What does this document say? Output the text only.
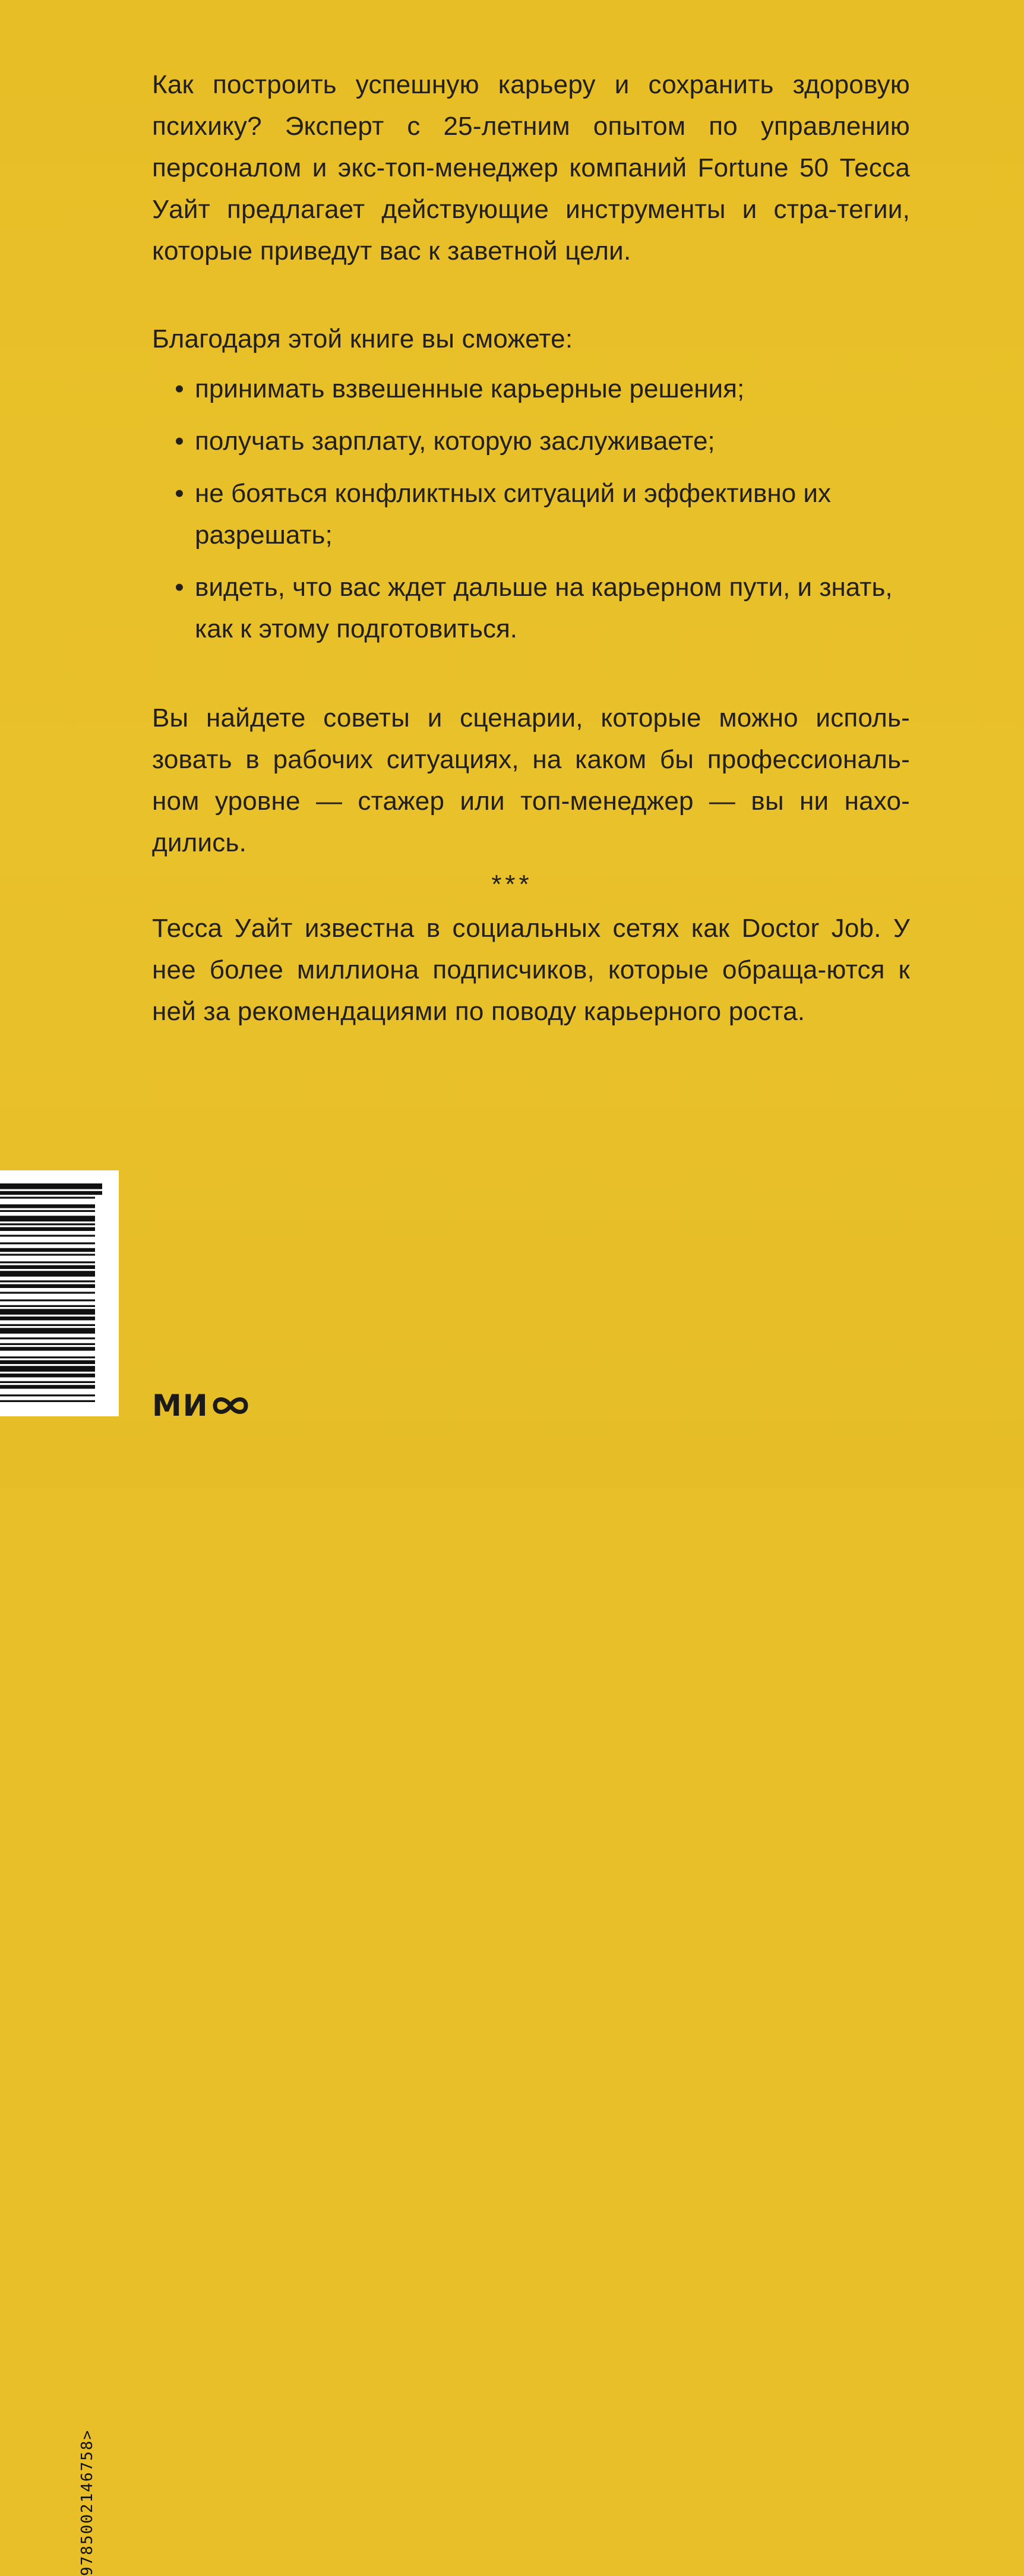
Как построить успешную карьеру и сохранить здоровую психику? Эксперт с 25-летним опытом по управлению персоналом и экс-топ-менеджер компаний Fortune 50 Тесса Уайт предлагает действующие инструменты и стра-тегии, которые приведут вас к заветной цели.

Благодаря этой книге вы сможете:

• принимать взвешенные карьерные решения;
• получать зарплату, которую заслуживаете;
• не бояться конфликтных ситуаций и эффективно их разрешать;
• видеть, что вас ждет дальше на карьерном пути, и знать, как к этому подготовиться.

Вы найдете советы и сценарии, которые можно исполь-зовать в рабочих ситуациях, на каком бы профессиональ-ном уровне — стажер или топ-менеджер — вы ни нахо-дились.

***

Тесса Уайт известна в социальных сетях как Doctor Job. У нее более миллиона подписчиков, которые обраща-ются к ней за рекомендациями по поводу карьерного роста.

9785002146758>
МИ
